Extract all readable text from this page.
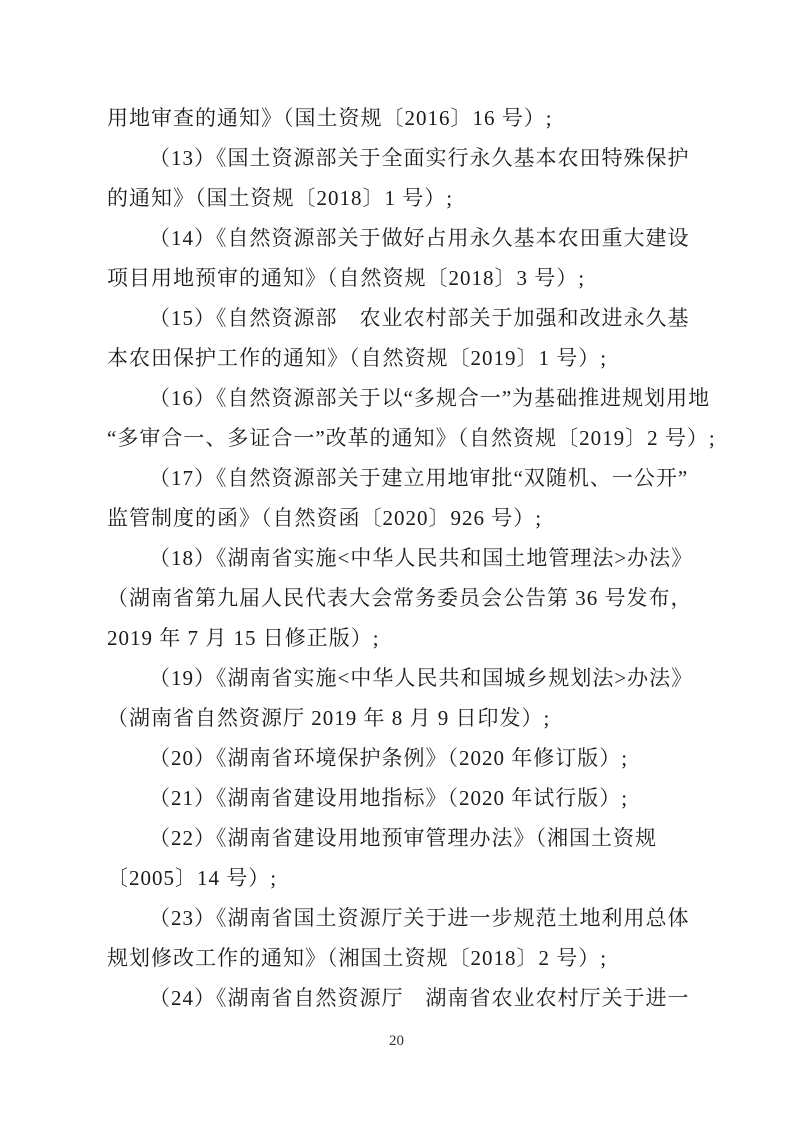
用地审查的通知》（国土资规〔2016〕16 号）;
（13）《国土资源部关于全面实行永久基本农田特殊保护
的通知》（国土资规〔2018〕1 号）;
（14）《自然资源部关于做好占用永久基本农田重大建设
项目用地预审的通知》（自然资规〔2018〕3 号）;
（15）《自然资源部　农业农村部关于加强和改进永久基
本农田保护工作的通知》（自然资规〔2019〕1 号）;
（16）《自然资源部关于以“多规合一”为基础推进规划用地
“多审合一、多证合一”改革的通知》（自然资规〔2019〕2 号）;
（17）《自然资源部关于建立用地审批“双随机、一公开”
监管制度的函》（自然资函〔2020〕926 号）;
（18）《湖南省实施<中华人民共和国土地管理法>办法》
（湖南省第九届人民代表大会常务委员会公告第 36 号发布，
2019 年 7 月 15 日修正版）;
（19）《湖南省实施<中华人民共和国城乡规划法>办法》
（湖南省自然资源厅 2019 年 8 月 9 日印发）;
（20）《湖南省环境保护条例》（2020 年修订版）;
（21）《湖南省建设用地指标》（2020 年试行版）;
（22）《湖南省建设用地预审管理办法》（湘国土资规
〔2005〕14 号）;
（23）《湖南省国土资源厅关于进一步规范土地利用总体
规划修改工作的通知》（湘国土资规〔2018〕2 号）;
（24）《湖南省自然资源厅　湖南省农业农村厅关于进一
20
